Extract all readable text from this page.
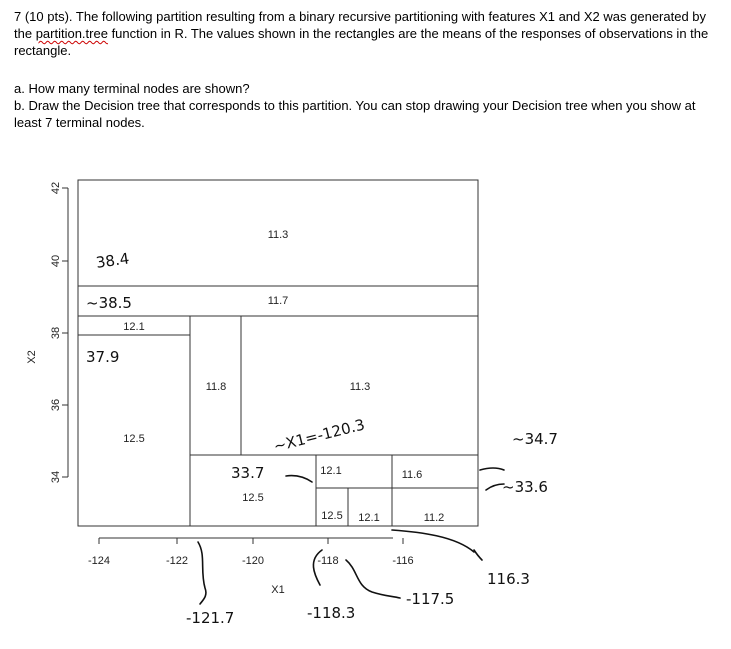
7 (10 pts). The following partition resulting from a binary recursive partitioning with features X1 and X2 was generated by the partition.tree function in R. The values shown in the rectangles are the means of the responses of observations in the rectangle.
a. How many terminal nodes are shown?
b. Draw the Decision tree that corresponds to this partition. You can stop drawing your Decision tree when you show at least 7 terminal nodes.
42
40
38
36
34
X2
-124	-122	-120	-118	-116
X1
11.3
11.7
12.1
12.5
11.8	11.3
12.1	11.6
12.5
12.5 12.1	11.2
38.4
~38.5
37.9
~X1=-120.3
33.7
~34.7
~33.6
-121.7	-118.3
-117.5
116.3
